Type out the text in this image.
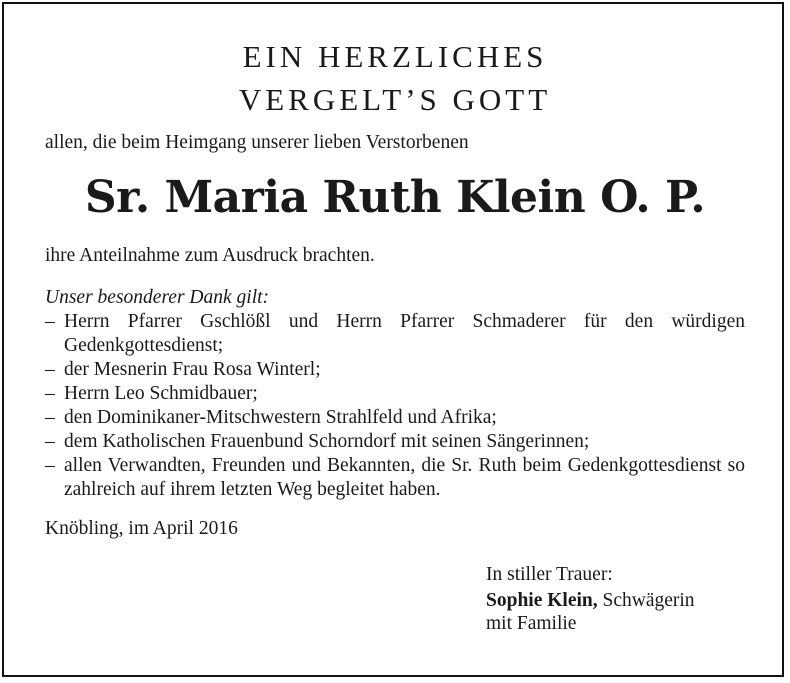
EIN HERZLICHES
VERGELT’S GOTT
allen, die beim Heimgang unserer lieben Verstorbenen
Sr. Maria Ruth Klein O. P.
ihre Anteilnahme zum Ausdruck brachten.
Unser besonderer Dank gilt:
– Herrn Pfarrer Gschlößl und Herrn Pfarrer Schmaderer für den würdigen Gedenkgottesdienst;
– der Mesnerin Frau Rosa Winterl;
– Herrn Leo Schmidbauer;
– den Dominikaner-Mitschwestern Strahlfeld und Afrika;
– dem Katholischen Frauenbund Schorndorf mit seinen Sängerinnen;
– allen Verwandten, Freunden und Bekannten, die Sr. Ruth beim Gedenkgottesdienst so zahlreich auf ihrem letzten Weg begleitet haben.
Knöbling, im April 2016
In stiller Trauer:
Sophie Klein, Schwägerin
mit Familie
